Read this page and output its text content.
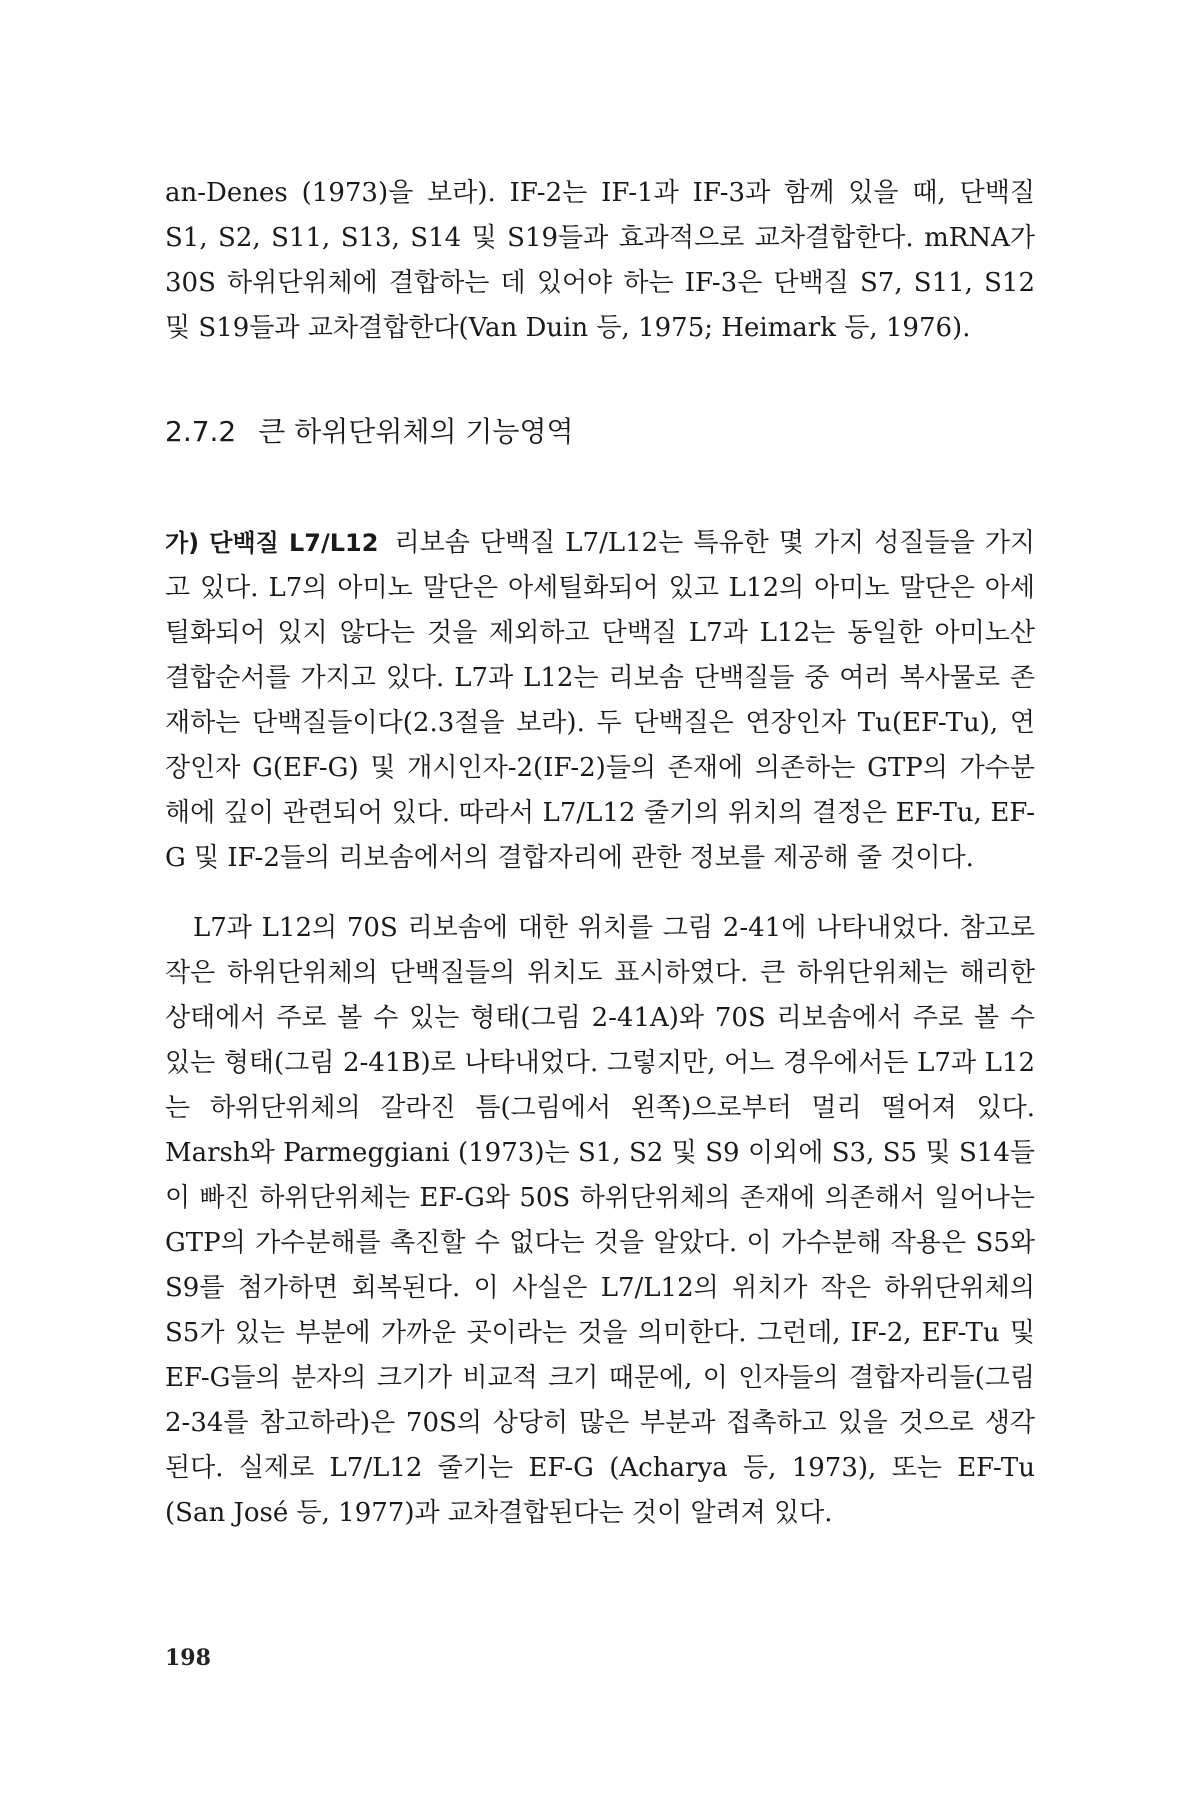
an-Denes (1973)을 보라). IF-2는 IF-1과 IF-3과 함께 있을 때, 단백질 S1, S2, S11, S13, S14 및 S19들과 효과적으로 교차결합한다. mRNA가 30S 하위단위체에 결합하는 데 있어야 하는 IF-3은 단백질 S7, S11, S12 및 S19들과 교차결합한다(Van Duin 등, 1975; Heimark 등, 1976).

2.7.2 큰 하위단위체의 기능영역

가) 단백질 L7/L12 리보솜 단백질 L7/L12는 특유한 몇 가지 성질들을 가지고 있다. L7의 아미노 말단은 아세틸화되어 있고 L12의 아미노 말단은 아세틸화되어 있지 않다는 것을 제외하고 단백질 L7과 L12는 동일한 아미노산 결합순서를 가지고 있다. L7과 L12는 리보솜 단백질들 중 여러 복사물로 존재하는 단백질들이다(2.3절을 보라). 두 단백질은 연장인자 Tu(EF-Tu), 연장인자 G(EF-G) 및 개시인자-2(IF-2)들의 존재에 의존하는 GTP의 가수분해에 깊이 관련되어 있다. 따라서 L7/L12 줄기의 위치의 결정은 EF-Tu, EF-G 및 IF-2들의 리보솜에서의 결합자리에 관한 정보를 제공해 줄 것이다.

L7과 L12의 70S 리보솜에 대한 위치를 그림 2-41에 나타내었다. 참고로 작은 하위단위체의 단백질들의 위치도 표시하였다. 큰 하위단위체는 해리한 상태에서 주로 볼 수 있는 형태(그림 2-41A)와 70S 리보솜에서 주로 볼 수 있는 형태(그림 2-41B)로 나타내었다. 그렇지만, 어느 경우에서든 L7과 L12는 하위단위체의 갈라진 틈(그림에서 왼쪽)으로부터 멀리 떨어져 있다. Marsh와 Parmeggiani (1973)는 S1, S2 및 S9 이외에 S3, S5 및 S14들이 빠진 하위단위체는 EF-G와 50S 하위단위체의 존재에 의존해서 일어나는 GTP의 가수분해를 촉진할 수 없다는 것을 알았다. 이 가수분해 작용은 S5와 S9를 첨가하면 회복된다. 이 사실은 L7/L12의 위치가 작은 하위단위체의 S5가 있는 부분에 가까운 곳이라는 것을 의미한다. 그런데, IF-2, EF-Tu 및 EF-G들의 분자의 크기가 비교적 크기 때문에, 이 인자들의 결합자리들(그림 2-34를 참고하라)은 70S의 상당히 많은 부분과 접촉하고 있을 것으로 생각된다. 실제로 L7/L12 줄기는 EF-G (Acharya 등, 1973), 또는 EF-Tu (San José 등, 1977)과 교차결합된다는 것이 알려져 있다.

198
